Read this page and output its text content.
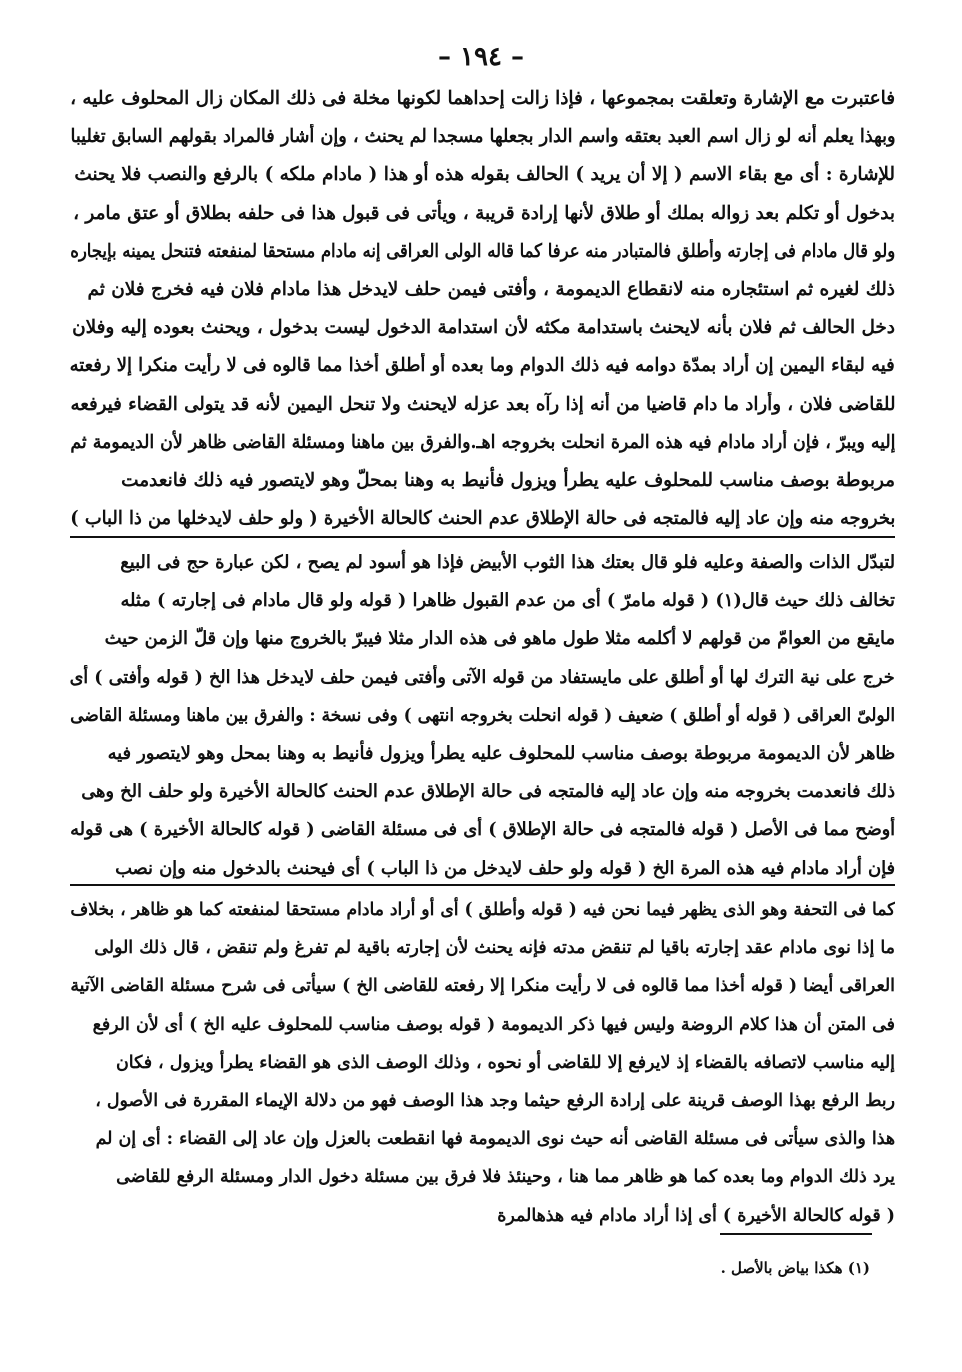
– ١٩٤ –
فاعتبرت مع الإشارة وتعلقت بمجموعها ، فإذا زالت إحداهما لكونها مخلة فى ذلك المكان زال المحلوف عليه ،
وبهذا يعلم أنه لو زال اسم العبد بعتقه واسم الدار بجعلها مسجدا لم يحنث ، وإن أشار فالمراد بقولهم السابق تغليبا
للإشارة : أى مع بقاء الاسم ( إلا أن يريد ) الحالف بقوله هذه أو هذا ( مادام ملكه ) بالرفع والنصب فلا يحنث
بدخول أو تكلم بعد زواله بملك أو طلاق لأنها إرادة قريبة ، ويأتى فى قبول هذا فى حلفه بطلاق أو عتق مامر ،
ولو قال مادام فى إجارته وأطلق فالمتبادر منه عرفا كما قاله الولى العراقى إنه مادام مستحقا لمنفعته فتنحل يمينه بإيجاره
ذلك لغيره ثم استئجاره منه لانقطاع الديمومة ، وأفتى فيمن حلف لايدخل هذا مادام فلان فيه فخرج فلان ثم
دخل الحالف ثم فلان بأنه لايحنث باستدامة مكثه لأن استدامة الدخول ليست بدخول ، ويحنث بعوده إليه وفلان
فيه لبقاء اليمين إن أراد بمدّة دوامه فيه ذلك الدوام وما بعده أو أطلق أخذا مما قالوه فى لا رأيت منكرا إلا رفعته
للقاضى فلان ، وأراد ما دام قاضيا من أنه إذا رآه بعد عزله لايحنث ولا تنحل اليمين لأنه قد يتولى القضاء فيرفعه
إليه ويبرّ ، فإن أراد مادام فيه هذه المرة انحلت بخروجه اهـ.والفرق بين ماهنا ومسئلة القاضى ظاهر لأن الديمومة ثم
مربوطة بوصف مناسب للمحلوف عليه يطرأ ويزول فأنيط به وهنا بمحلّ وهو لايتصور فيه ذلك فانعدمت
بخروجه منه وإن عاد إليه فالمتجه فى حالة الإطلاق عدم الحنث كالحالة الأخيرة ( ولو حلف لايدخلها من ذا الباب )
لتبدّل الذات والصفة وعليه فلو قال بعتك هذا الثوب الأبيض فإذا هو أسود لم يصح ، لكن عبارة حج فى البيع
تخالف ذلك حيث قال(١) ( قوله مامرّ ) أى من عدم القبول ظاهرا ( قوله ولو قال مادام فى إجارته ) مثله
مايقع من العوامّ من قولهم لا أكلمه مثلا طول ماهو فى هذه الدار مثلا فيبرّ بالخروج منها وإن قلّ الزمن حيث
خرج على نية الترك لها أو أطلق على مايستفاد من قوله الآتى وأفتى فيمن حلف لايدخل هذا الخ ( قوله وأفتى ) أى
الولىّ العراقى ( قوله أو أطلق ) ضعيف ( قوله انحلت بخروجه انتهى ) وفى نسخة : والفرق بين ماهنا ومسئلة القاضى
ظاهر لأن الديمومة مربوطة بوصف مناسب للمحلوف عليه يطرأ ويزول فأنيط به وهنا بمحل وهو لايتصور فيه
ذلك فانعدمت بخروجه منه وإن عاد إليه فالمتجه فى حالة الإطلاق عدم الحنث كالحالة الأخيرة ولو حلف الخ وهى
أوضح مما فى الأصل ( قوله فالمتجه فى حالة الإطلاق ) أى فى مسئلة القاضى ( قوله كالحالة الأخيرة ) هى قوله
فإن أراد مادام فيه هذه المرة الخ ( قوله ولو حلف لايدخل من ذا الباب ) أى فيحنث بالدخول منه وإن نصب
كما فى التحفة وهو الذى يظهر فيما نحن فيه ( قوله وأطلق ) أى أو أراد مادام مستحقا لمنفعته كما هو ظاهر ، بخلاف
ما إذا نوى مادام عقد إجارته باقيا لم تنقض مدته فإنه يحنث لأن إجارته باقية لم تفرغ ولم تنقض ، قال ذلك الولى
العراقى أيضا ( قوله أخذا مما قالوه فى لا رأيت منكرا إلا رفعته للقاضى الخ ) سيأتى فى شرح مسئلة القاضى الآتية
فى المتن أن هذا كلام الروضة وليس فيها ذكر الديمومة ( قوله بوصف مناسب للمحلوف عليه الخ ) أى لأن الرفع
إليه مناسب لاتصافه بالقضاء إذ لايرفع إلا للقاضى أو نحوه ، وذلك الوصف الذى هو القضاء يطرأ ويزول ، فكان
ربط الرفع بهذا الوصف قرينة على إرادة الرفع حيثما وجد هذا الوصف فهو من دلالة الإيماء المقررة فى الأصول ،
هذا والذى سيأتى فى مسئلة القاضى أنه حيث نوى الديمومة فها انقطعت بالعزل وإن عاد إلى القضاء : أى إن لم
يرد ذلك الدوام وما بعده كما هو ظاهر مما هنا ، وحينئذ فلا فرق بين مسئلة دخول الدار ومسئلة الرفع للقاضى
( قوله كالحالة الأخيرة ) أى إذا أراد مادام فيه هذهالمرة
(١) هكذا بياض بالأصل .
